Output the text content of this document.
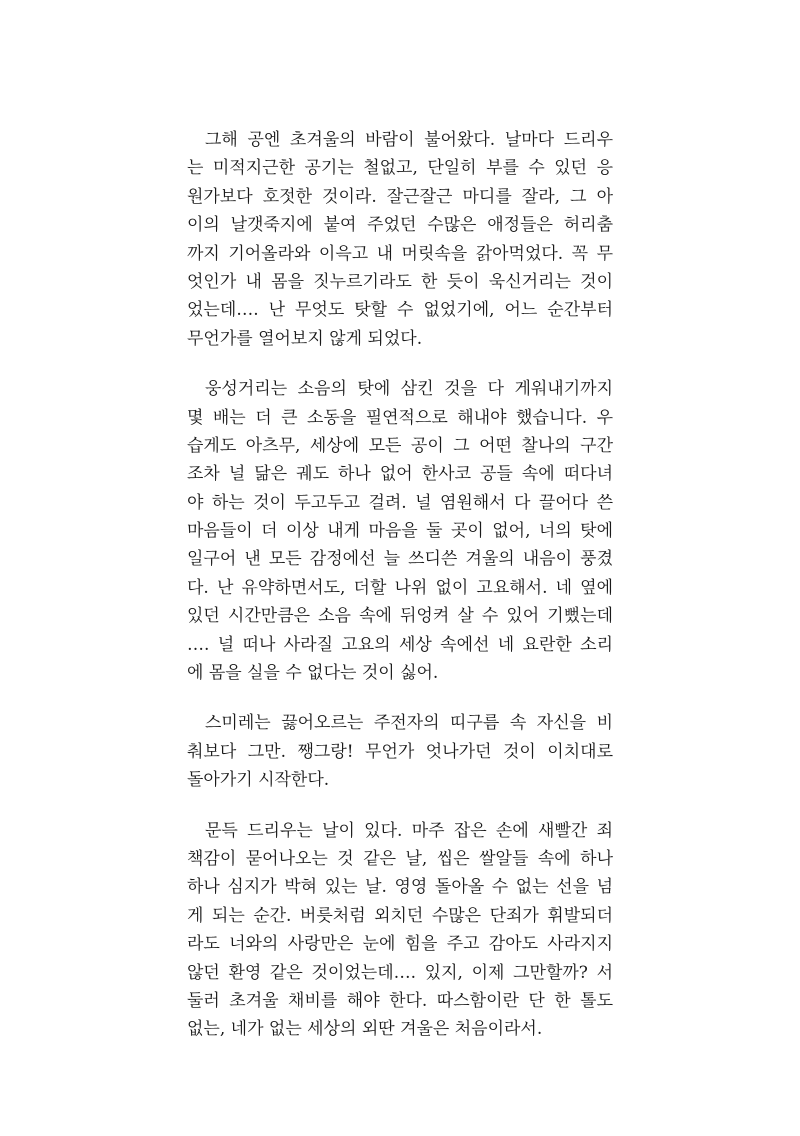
그해 공엔 초겨울의 바람이 불어왔다. 날마다 드리우
는 미적지근한 공기는 철없고, 단일히 부를 수 있던 응
원가보다 호젓한 것이라. 잘근잘근 마디를 잘라, 그 아
이의 날갯죽지에 붙여 주었던 수많은 애정들은 허리춤
까지 기어올라와 이윽고 내 머릿속을 갉아먹었다. 꼭 무
엇인가 내 몸을 짓누르기라도 한 듯이 욱신거리는 것이
었는데…. 난 무엇도 탓할 수 없었기에, 어느 순간부터
무언가를 열어보지 않게 되었다.
웅성거리는 소음의 탓에 삼킨 것을 다 게워내기까지
몇 배는 더 큰 소동을 필연적으로 해내야 했습니다. 우
습게도 아츠무, 세상에 모든 공이 그 어떤 찰나의 구간
조차 널 닮은 궤도 하나 없어 한사코 공들 속에 떠다녀
야 하는 것이 두고두고 걸려. 널 염원해서 다 끌어다 쓴
마음들이 더 이상 내게 마음을 둘 곳이 없어, 너의 탓에
일구어 낸 모든 감정에선 늘 쓰디쓴 겨울의 내음이 풍겼
다. 난 유약하면서도, 더할 나위 없이 고요해서. 네 옆에
있던 시간만큼은 소음 속에 뒤엉켜 살 수 있어 기뻤는데
…. 널 떠나 사라질 고요의 세상 속에선 네 요란한 소리
에 몸을 실을 수 없다는 것이 싫어.
스미레는 끓어오르는 주전자의 띠구름 속 자신을 비
춰보다 그만. 쨍그랑! 무언가 엇나가던 것이 이치대로
돌아가기 시작한다.
문득 드리우는 날이 있다. 마주 잡은 손에 새빨간 죄
책감이 묻어나오는 것 같은 날, 씹은 쌀알들 속에 하나
하나 심지가 박혀 있는 날. 영영 돌아올 수 없는 선을 넘
게 되는 순간. 버릇처럼 외치던 수많은 단죄가 휘발되더
라도 너와의 사랑만은 눈에 힘을 주고 감아도 사라지지
않던 환영 같은 것이었는데…. 있지, 이제 그만할까? 서
둘러 초겨울 채비를 해야 한다. 따스함이란 단 한 톨도
없는, 네가 없는 세상의 외딴 겨울은 처음이라서.
